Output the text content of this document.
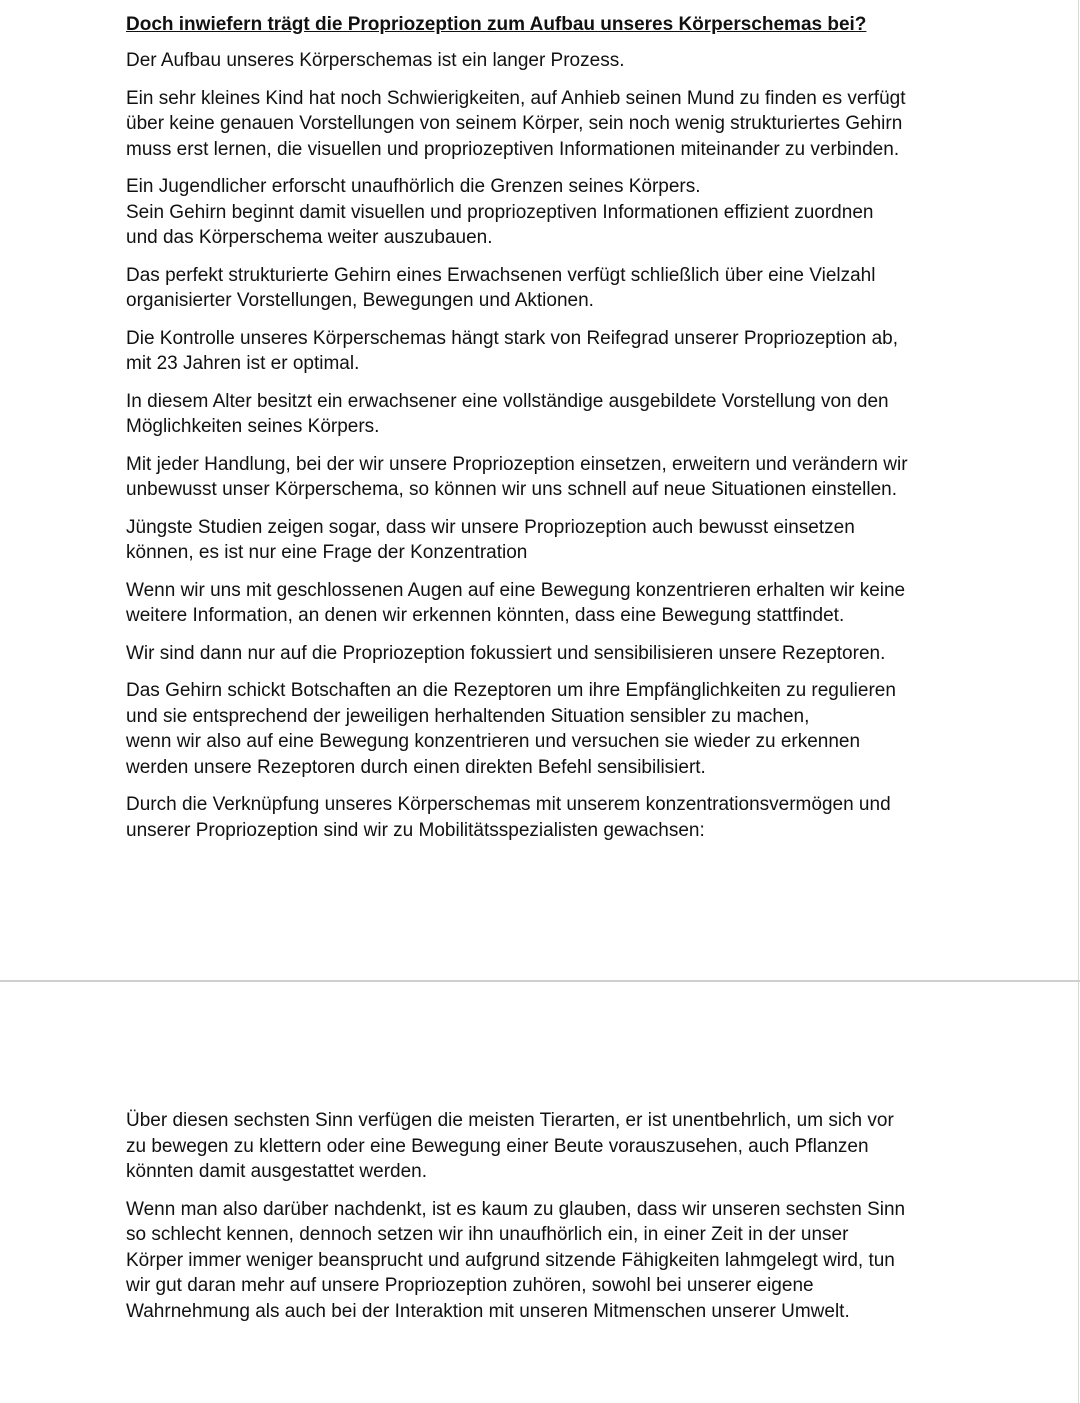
Doch inwiefern trägt die Propriozeption zum Aufbau unseres Körperschemas bei?

Der Aufbau unseres Körperschemas ist ein langer Prozess.

Ein sehr kleines Kind hat noch Schwierigkeiten, auf Anhieb seinen Mund zu finden es verfügt
über keine genauen Vorstellungen von seinem Körper, sein noch wenig strukturiertes Gehirn
muss erst lernen, die visuellen und propriozeptiven Informationen miteinander zu verbinden.

Ein Jugendlicher erforscht unaufhörlich die Grenzen seines Körpers.
Sein Gehirn beginnt damit visuellen und propriozeptiven Informationen effizient zuordnen
und das Körperschema weiter auszubauen.

Das perfekt strukturierte Gehirn eines Erwachsenen verfügt schließlich über eine Vielzahl
organisierter Vorstellungen, Bewegungen und Aktionen.

Die Kontrolle unseres Körperschemas hängt stark von Reifegrad unserer Propriozeption ab,
mit 23 Jahren ist er optimal.

In diesem Alter besitzt ein erwachsener eine vollständige ausgebildete Vorstellung von den
Möglichkeiten seines Körpers.

Mit jeder Handlung, bei der wir unsere Propriozeption einsetzen, erweitern und verändern wir
unbewusst unser Körperschema, so können wir uns schnell auf neue Situationen einstellen.

Jüngste Studien zeigen sogar, dass wir unsere Propriozeption auch bewusst einsetzen
können, es ist nur eine Frage der Konzentration

Wenn wir uns mit geschlossenen Augen auf eine Bewegung konzentrieren erhalten wir keine
weitere Information, an denen wir erkennen könnten, dass eine Bewegung stattfindet.

Wir sind dann nur auf die Propriozeption fokussiert und sensibilisieren unsere Rezeptoren.

Das Gehirn schickt Botschaften an die Rezeptoren um ihre Empfänglichkeiten zu regulieren
und sie entsprechend der jeweiligen herhaltenden Situation sensibler zu machen,
wenn wir also auf eine Bewegung konzentrieren und versuchen sie wieder zu erkennen
werden unsere Rezeptoren durch einen direkten Befehl sensibilisiert.

Durch die Verknüpfung unseres Körperschemas mit unserem konzentrationsvermögen und
unserer Propriozeption sind wir zu Mobilitätsspezialisten gewachsen:

Über diesen sechsten Sinn verfügen die meisten Tierarten, er ist unentbehrlich, um sich vor
zu bewegen zu klettern oder eine Bewegung einer Beute vorauszusehen, auch Pflanzen
könnten damit ausgestattet werden.

Wenn man also darüber nachdenkt, ist es kaum zu glauben, dass wir unseren sechsten Sinn
so schlecht kennen, dennoch setzen wir ihn unaufhörlich ein, in einer Zeit in der unser
Körper immer weniger beansprucht und aufgrund sitzende Fähigkeiten lahmgelegt wird, tun
wir gut daran mehr auf unsere Propriozeption zuhören, sowohl bei unserer eigene
Wahrnehmung als auch bei der Interaktion mit unseren Mitmenschen unserer Umwelt.
